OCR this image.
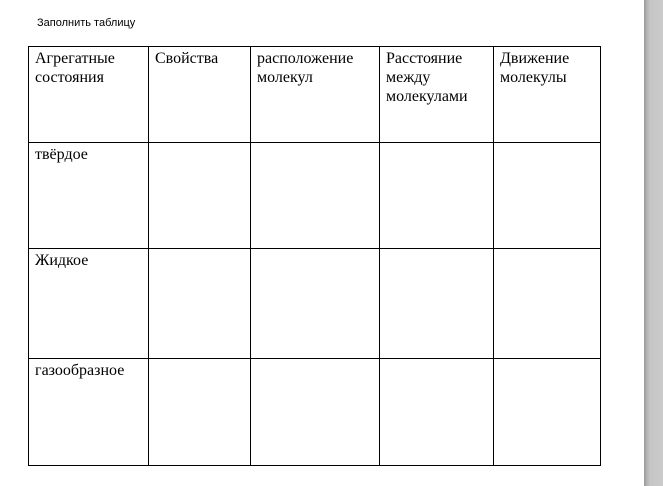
Заполнить таблицу

Агрегатные состояния	Свойства	расположение молекул	Расстояние между молекулами	Движение молекулы
твёрдое				
Жидкое				
газообразное				
